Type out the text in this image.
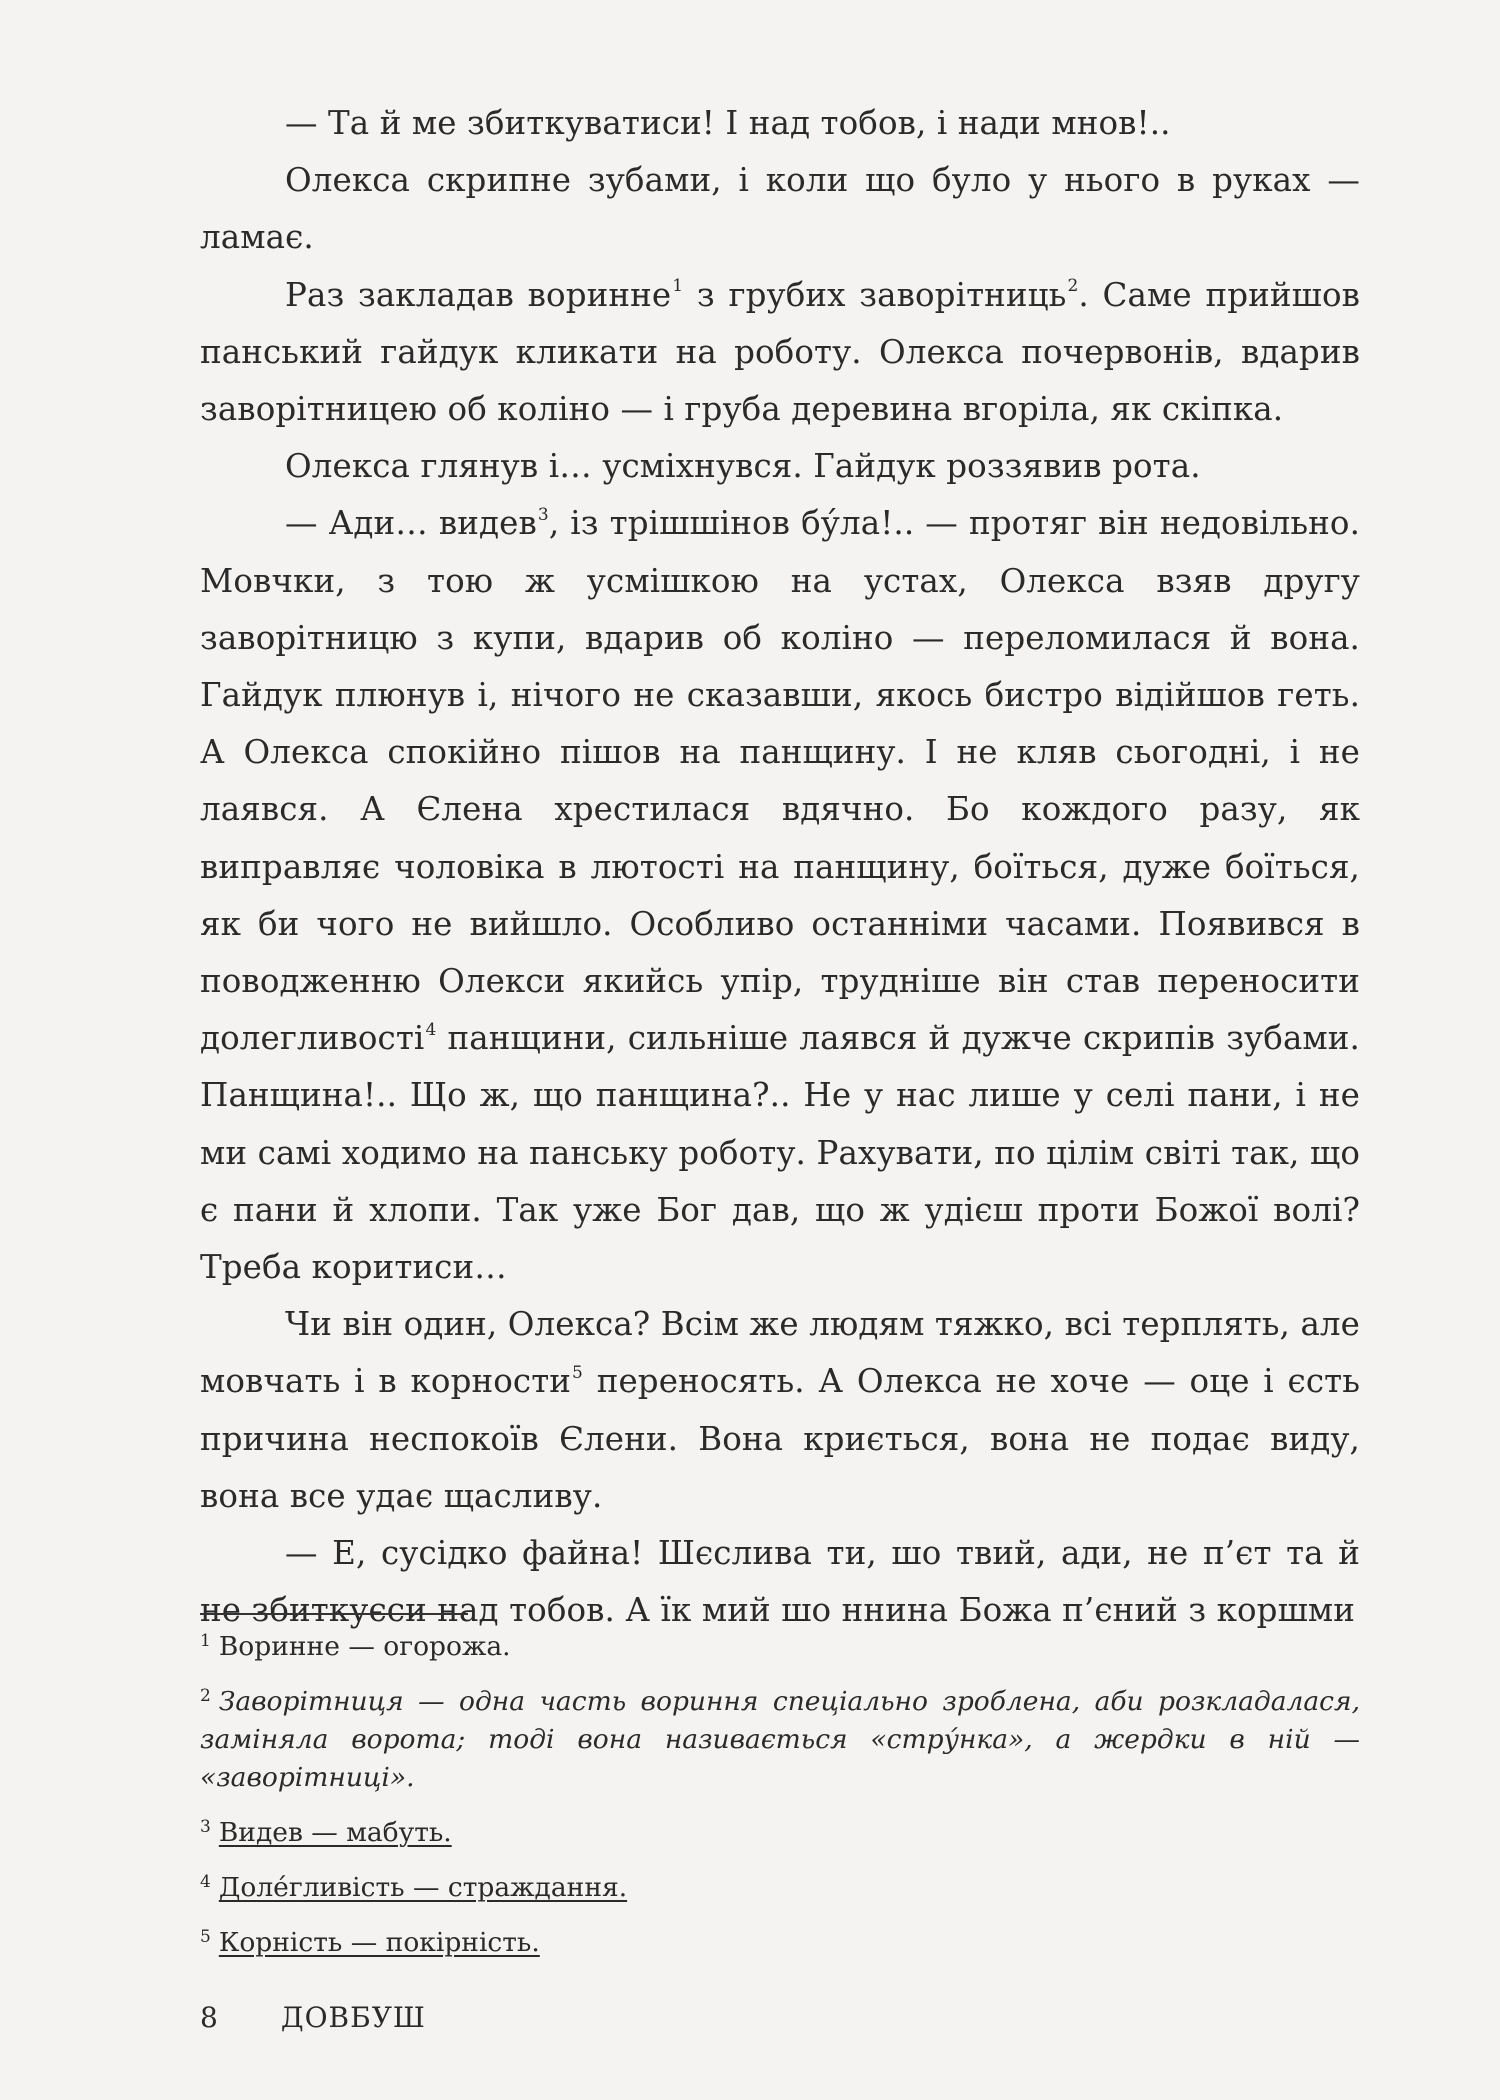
— Та й ме збиткуватиси! І над тобов, і нади мнов!..

Олекса скрипне зубами, і коли що було у нього в руках — ламає.

Раз закладав воринне$^1$ з грубих заворітниць$^2$. Саме прийшов панський гайдук кликати на роботу. Олекса почервонів, вдарив заворітницею об коліно — і груба деревина вгоріла, як скіпка.

Олекса глянув і… усміхнувся. Гайдук роззявив рота.

— Ади… видев$^3$, із трішшінов бу́ла!.. — протяг він недовільно. Мовчки, з тою ж усмішкою на устах, Олекса взяв другу заворітницю з купи, вдарив об коліно — переломилася й вона. Гайдук плюнув і, нічого не сказавши, якось бистро відійшов геть. А Олекса спокійно пішов на панщину. І не кляв сьогодні, і не лаявся. А Єлена хрестилася вдячно. Бо кождого разу, як виправляє чоловіка в лютості на панщину, боїться, дуже боїться, як би чого не вийшло. Особливо останніми часами. Появився в поводженню Олекси якийсь упір, трудніше він став переносити долегливості$^4$ панщини, сильніше лаявся й дужче скрипів зубами. Панщина!.. Що ж, що панщина?.. Не у нас лише у селі пани, і не ми самі ходимо на панську роботу. Рахувати, по цілім світі так, що є пани й хлопи. Так уже Бог дав, що ж удієш проти Божої волі? Треба коритиси…

Чи він один, Олекса? Всім же людям тяжко, всі терплять, але мовчать і в корности$^5$ переносять. А Олекса не хоче — оце і єсть причина неспокоїв Єлени. Вона криється, вона не подає виду, вона все удає щасливу.

— Е, сусідко файна! Шєслива ти, шо твий, ади, не п’єт та й не збиткуєси над тобов. А їк мий шо ннина Божа п’єний з коршми

$^1$ Воринне — огорожа.

$^2$ Заворітниця — одна часть вориння спеціально зроблена, аби розкладалася, заміняла ворота; тоді вона називається «стру́нка», а жердки в ній — «заворітниці».

$^3$ Видев — мабуть.

$^4$ Доле́гливість — страждання.

$^5$ Корність — покірність.

8 ДОВБУШ
